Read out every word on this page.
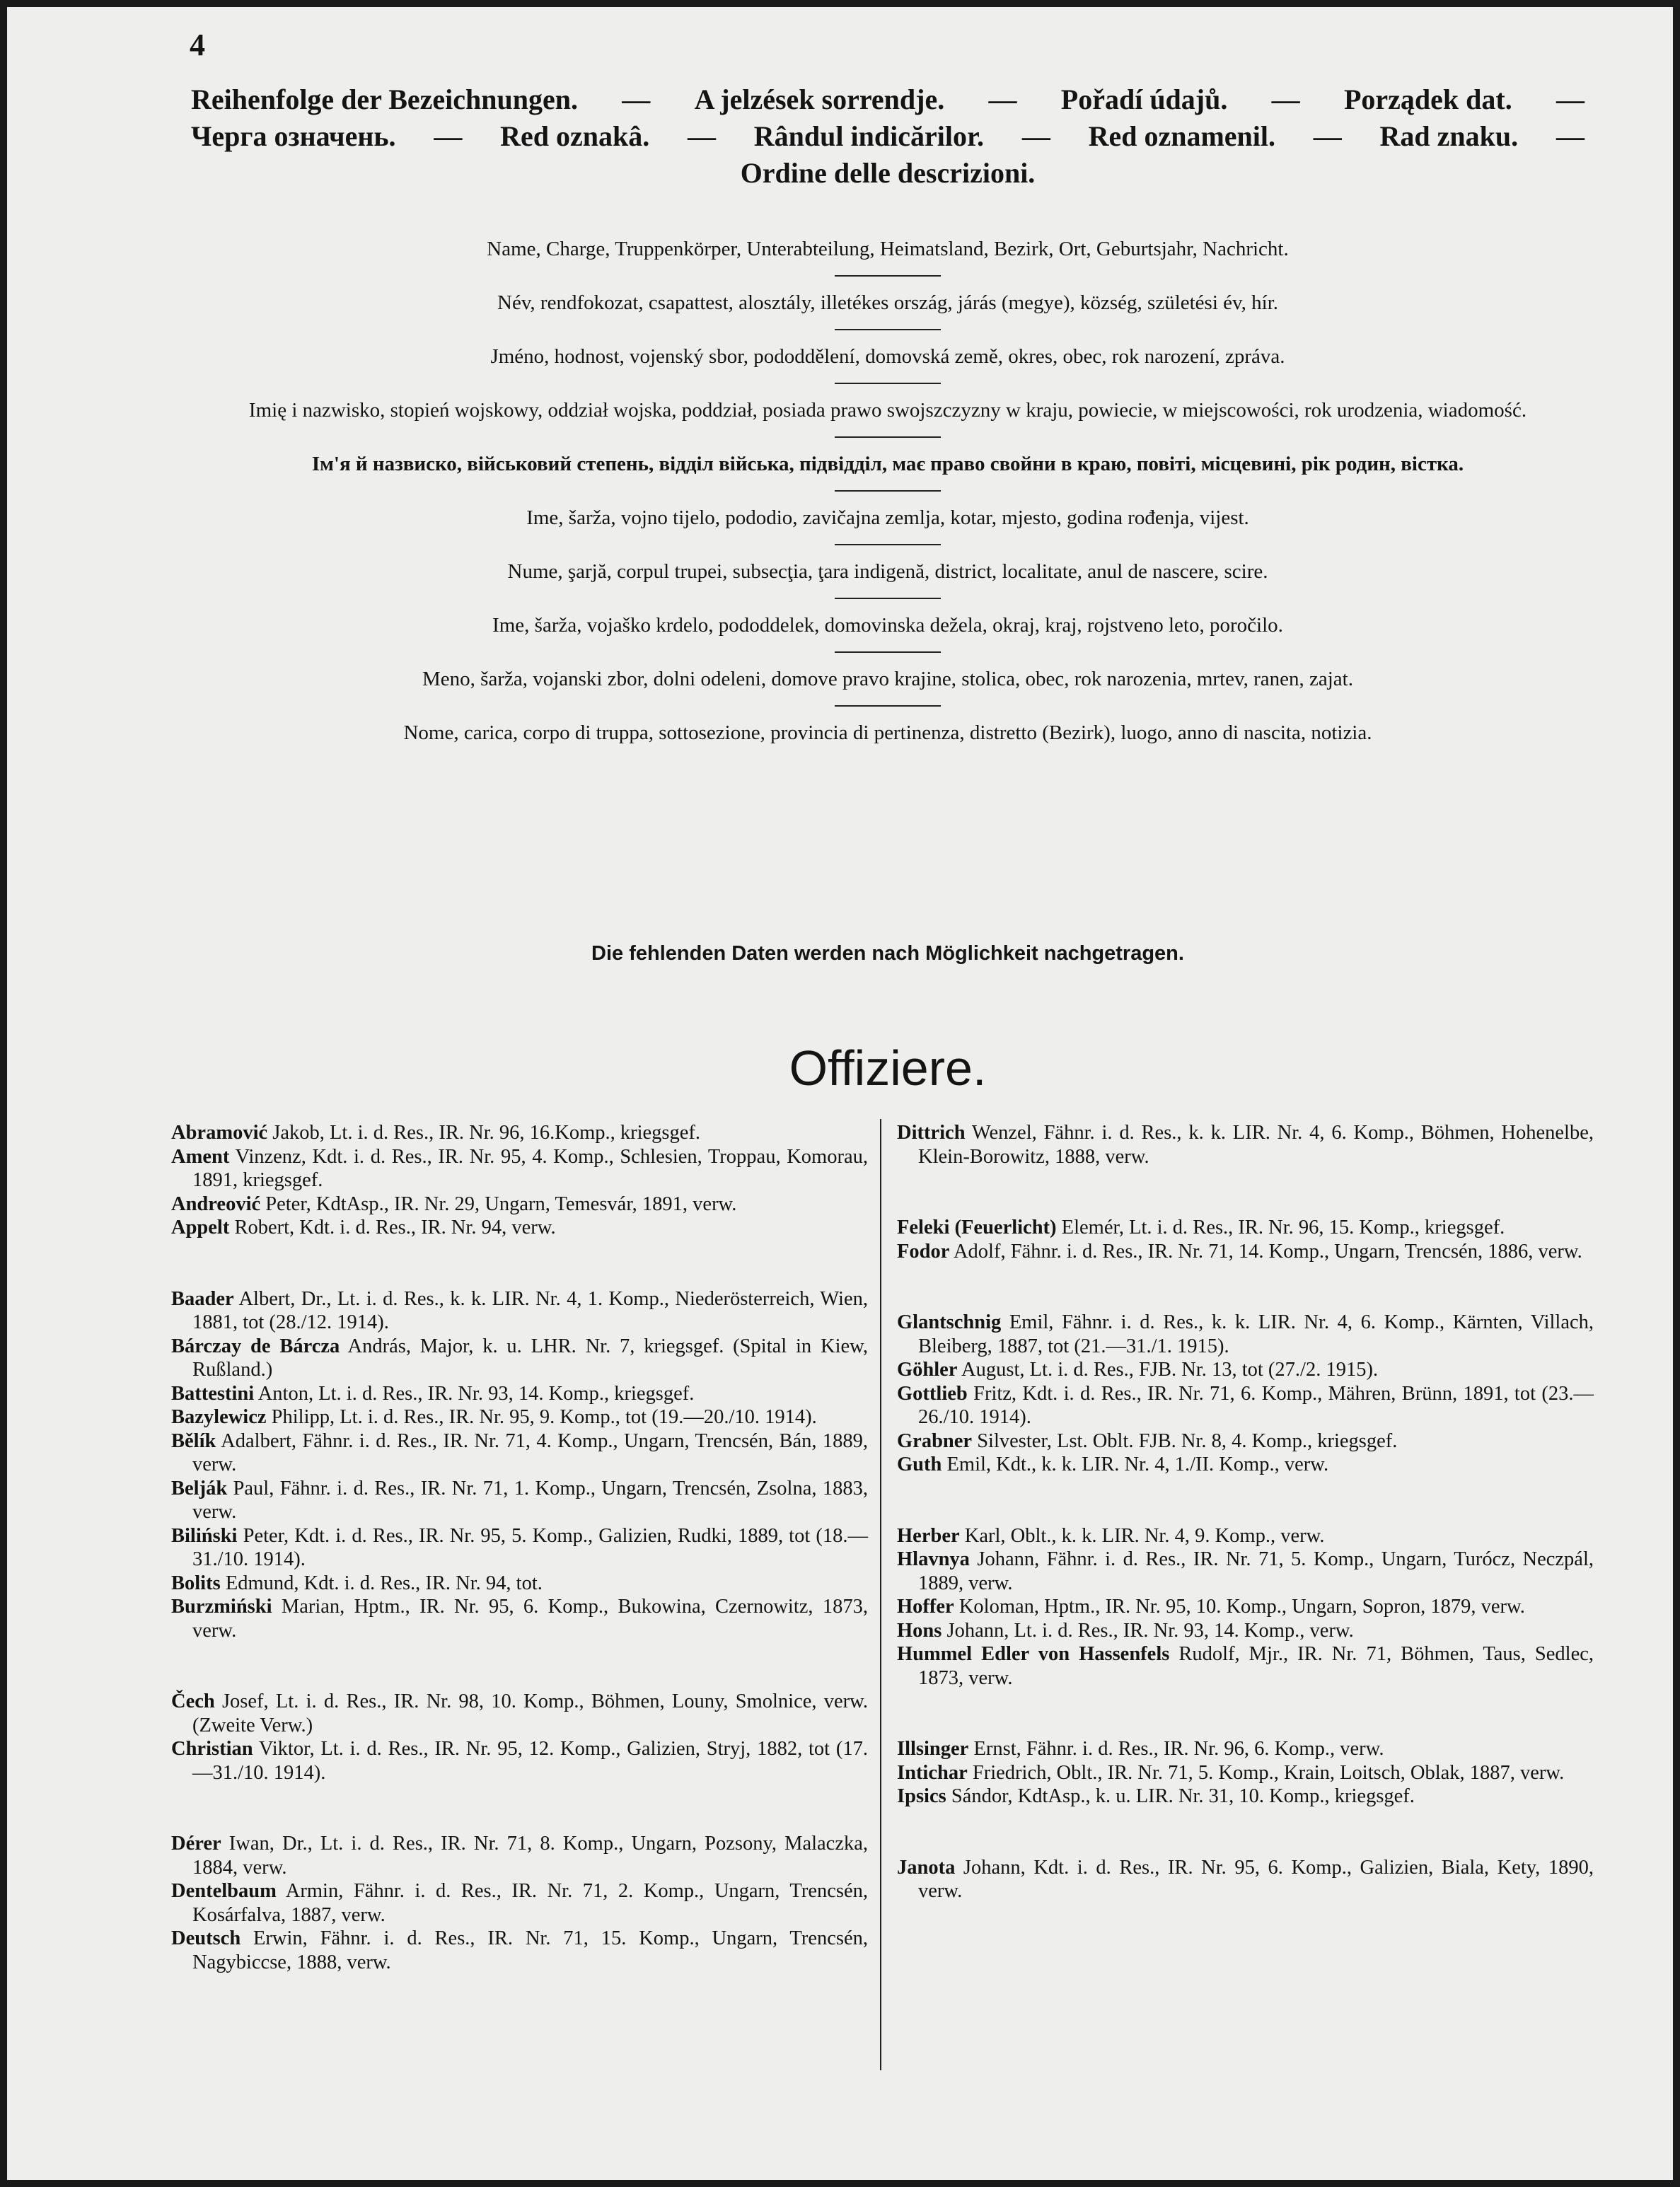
4
Reihenfolge der Bezeichnungen. — A jelzések sorrendje. — Pořadí údajů. — Porządek dat. —
Черга означень. — Red oznakâ. — Rândul indicărilor. — Red oznamenil. — Rad znaku. —
Ordine delle descrizioni.
Name, Charge, Truppenkörper, Unterabteilung, Heimatsland, Bezirk, Ort, Geburtsjahr, Nachricht.
Név, rendfokozat, csapattest, alosztály, illetékes ország, járás (megye), község, születési év, hír.
Jméno, hodnost, vojenský sbor, pododdělení, domovská země, okres, obec, rok narození, zpráva.
Imię i nazwisko, stopień wojskowy, oddział wojska, poddział, posiada prawo swojszczyzny w kraju, powiecie, w miejscowości, rok urodzenia, wiadomość.
Ім'я й назвиско, військовий степень, відділ війська, підвідділ, має право свойни в краю, повіті, місцевині, рік родин, вістка.
Ime, šarža, vojno tijelo, pododio, zavičajna zemlja, kotar, mjesto, godina rođenja, vijest.
Nume, şarjă, corpul trupei, subsecţia, ţara indigenă, district, localitate, anul de nascere, scire.
Ime, šarža, vojaško krdelo, pododdelek, domovinska dežela, okraj, kraj, rojstveno leto, poročilo.
Meno, šarža, vojanski zbor, dolni odeleni, domove pravo krajine, stolica, obec, rok narozenia, mrtev, ranen, zajat.
Nome, carica, corpo di truppa, sottosezione, provincia di pertinenza, distretto (Bezirk), luogo, anno di nascita, notizia.
Die fehlenden Daten werden nach Möglichkeit nachgetragen.
Offiziere.
Abramović Jakob, Lt. i. d. Res., IR. Nr. 96, 16.Komp., kriegsgef.
Ament Vinzenz, Kdt. i. d. Res., IR. Nr. 95, 4. Komp., Schlesien, Troppau, Komorau, 1891, kriegsgef.
Andreović Peter, KdtAsp., IR. Nr. 29, Ungarn, Temesvár, 1891, verw.
Appelt Robert, Kdt. i. d. Res., IR. Nr. 94, verw.
Baader Albert, Dr., Lt. i. d. Res., k. k. LIR. Nr. 4, 1. Komp., Niederösterreich, Wien, 1881, tot (28./12. 1914).
Bárczay de Bárcza András, Major, k. u. LHR. Nr. 7, kriegsgef. (Spital in Kiew, Rußland.)
Battestini Anton, Lt. i. d. Res., IR. Nr. 93, 14. Komp., kriegsgef.
Bazylewicz Philipp, Lt. i. d. Res., IR. Nr. 95, 9. Komp., tot (19.—20./10. 1914).
Bělík Adalbert, Fähnr. i. d. Res., IR. Nr. 71, 4. Komp., Ungarn, Trencsén, Bán, 1889, verw.
Belják Paul, Fähnr. i. d. Res., IR. Nr. 71, 1. Komp., Ungarn, Trencsén, Zsolna, 1883, verw.
Biliński Peter, Kdt. i. d. Res., IR. Nr. 95, 5. Komp., Galizien, Rudki, 1889, tot (18.—31./10. 1914).
Bolits Edmund, Kdt. i. d. Res., IR. Nr. 94, tot.
Burzmiński Marian, Hptm., IR. Nr. 95, 6. Komp., Bukowina, Czernowitz, 1873, verw.
Čech Josef, Lt. i. d. Res., IR. Nr. 98, 10. Komp., Böhmen, Louny, Smolnice, verw. (Zweite Verw.)
Christian Viktor, Lt. i. d. Res., IR. Nr. 95, 12. Komp., Galizien, Stryj, 1882, tot (17.—31./10. 1914).
Dérer Iwan, Dr., Lt. i. d. Res., IR. Nr. 71, 8. Komp., Ungarn, Pozsony, Malaczka, 1884, verw.
Dentelbaum Armin, Fähnr. i. d. Res., IR. Nr. 71, 2. Komp., Ungarn, Trencsén, Kosárfalva, 1887, verw.
Deutsch Erwin, Fähnr. i. d. Res., IR. Nr. 71, 15. Komp., Ungarn, Trencsén, Nagybiccse, 1888, verw.
Dittrich Wenzel, Fähnr. i. d. Res., k. k. LIR. Nr. 4, 6. Komp., Böhmen, Hohenelbe, Klein-Borowitz, 1888, verw.
Feleki (Feuerlicht) Elemér, Lt. i. d. Res., IR. Nr. 96, 15. Komp., kriegsgef.
Fodor Adolf, Fähnr. i. d. Res., IR. Nr. 71, 14. Komp., Ungarn, Trencsén, 1886, verw.
Glantschnig Emil, Fähnr. i. d. Res., k. k. LIR. Nr. 4, 6. Komp., Kärnten, Villach, Bleiberg, 1887, tot (21.—31./1. 1915).
Göhler August, Lt. i. d. Res., FJB. Nr. 13, tot (27./2. 1915).
Gottlieb Fritz, Kdt. i. d. Res., IR. Nr. 71, 6. Komp., Mähren, Brünn, 1891, tot (23.—26./10. 1914).
Grabner Silvester, Lst. Oblt. FJB. Nr. 8, 4. Komp., kriegsgef.
Guth Emil, Kdt., k. k. LIR. Nr. 4, 1./II. Komp., verw.
Herber Karl, Oblt., k. k. LIR. Nr. 4, 9. Komp., verw.
Hlavnya Johann, Fähnr. i. d. Res., IR. Nr. 71, 5. Komp., Ungarn, Turócz, Neczpál, 1889, verw.
Hoffer Koloman, Hptm., IR. Nr. 95, 10. Komp., Ungarn, Sopron, 1879, verw.
Hons Johann, Lt. i. d. Res., IR. Nr. 93, 14. Komp., verw.
Hummel Edler von Hassenfels Rudolf, Mjr., IR. Nr. 71, Böhmen, Taus, Sedlec, 1873, verw.
Illsinger Ernst, Fähnr. i. d. Res., IR. Nr. 96, 6. Komp., verw.
Intichar Friedrich, Oblt., IR. Nr. 71, 5. Komp., Krain, Loitsch, Oblak, 1887, verw.
Ipsics Sándor, KdtAsp., k. u. LIR. Nr. 31, 10. Komp., kriegsgef.
Janota Johann, Kdt. i. d. Res., IR. Nr. 95, 6. Komp., Galizien, Biala, Kety, 1890, verw.
